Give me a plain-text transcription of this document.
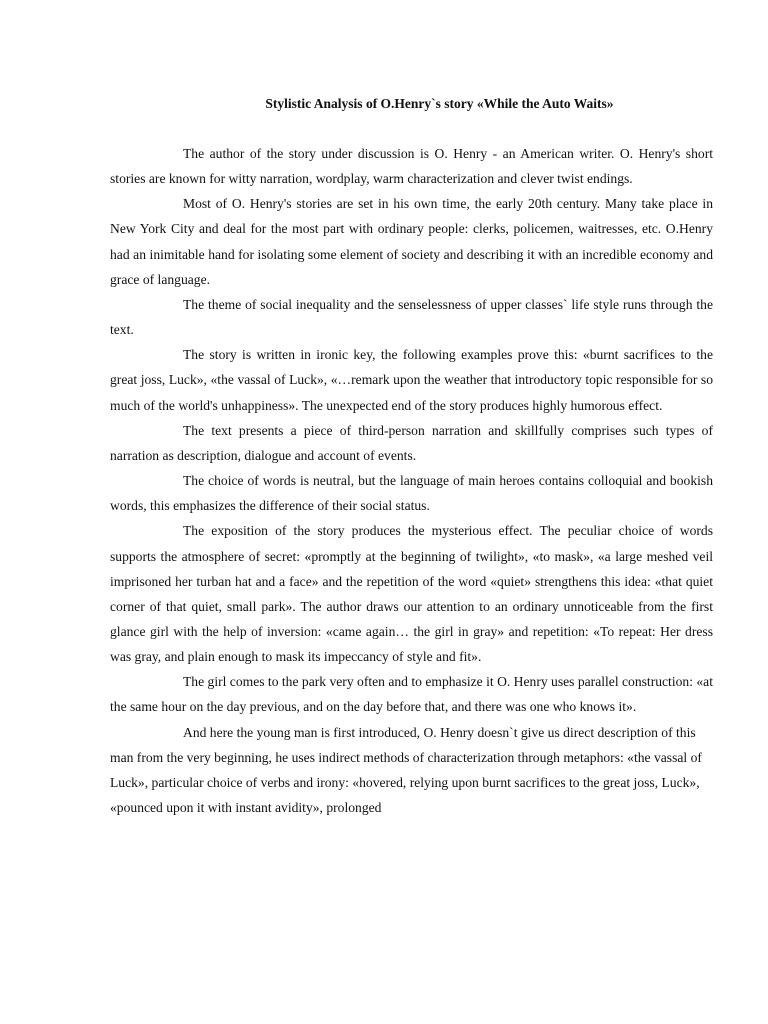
Stylistic Analysis of O.Henry`s story «While the Auto Waits»

The author of the story under discussion is O. Henry - an American writer. O. Henry's short stories are known for witty narration, wordplay, warm characterization and clever twist endings.

Most of O. Henry's stories are set in his own time, the early 20th century. Many take place in New York City and deal for the most part with ordinary people: clerks, policemen, waitresses, etc. O.Henry had an inimitable hand for isolating some element of society and describing it with an incredible economy and grace of language.

The theme of social inequality and the senselessness of upper classes` life style runs through the text.

The story is written in ironic key, the following examples prove this: «burnt sacrifices to the great joss, Luck», «the vassal of Luck», «…remark upon the weather that introductory topic responsible for so much of the world's unhappiness». The unexpected end of the story produces highly humorous effect.

The text presents a piece of third-person narration and skillfully comprises such types of narration as description, dialogue and account of events.

The choice of words is neutral, but the language of main heroes contains colloquial and bookish words, this emphasizes the difference of their social status.

The exposition of the story produces the mysterious effect. The peculiar choice of words supports the atmosphere of secret: «promptly at the beginning of twilight», «to mask», «a large meshed veil imprisoned her turban hat and a face» and the repetition of the word «quiet» strengthens this idea: «that quiet corner of that quiet, small park». The author draws our attention to an ordinary unnoticeable from the first glance girl with the help of inversion: «came again… the girl in gray» and repetition: «To repeat: Her dress was gray, and plain enough to mask its impeccancy of style and fit».

The girl comes to the park very often and to emphasize it O. Henry uses parallel construction: «at the same hour on the day previous, and on the day before that, and there was one who knows it».

And here the young man is first introduced, O. Henry doesn`t give us direct description of this man from the very beginning, he uses indirect methods of characterization through metaphors: «the vassal of Luck», particular choice of verbs and irony: «hovered, relying upon burnt sacrifices to the great joss, Luck», «pounced upon it with instant avidity», prolonged
